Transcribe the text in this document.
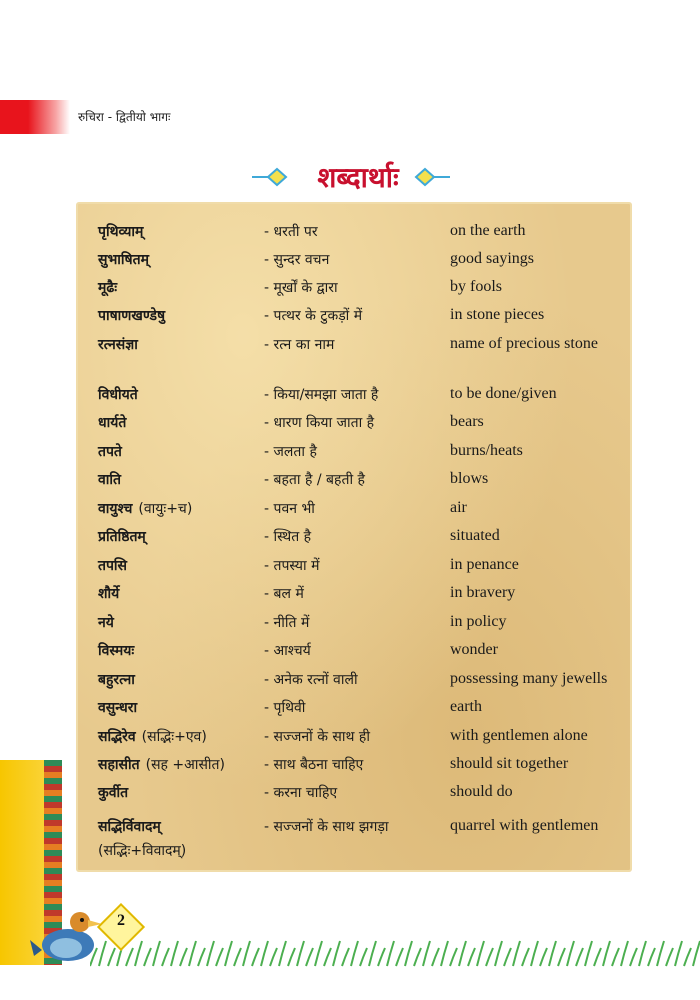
रुचिरा - द्वितीयो भागः
शब्दार्थाः
पृथिव्याम्	- धरती पर	on the earth
सुभाषितम्	- सुन्दर वचन	good sayings
मूढैः	- मूर्खों के द्वारा	by fools
पाषाणखण्डेषु	- पत्थर के टुकड़ों में	in stone pieces
रत्नसंज्ञा	- रत्न का नाम	name of precious stone
विधीयते	- किया/समझा जाता है	to be done/given
धार्यते	- धारण किया जाता है	bears
तपते	- जलता है	burns/heats
वाति	- बहता है / बहती है	blows
वायुश्च (वायुः+च)	- पवन भी	air
प्रतिष्ठितम्	- स्थित है	situated
तपसि	- तपस्या में	in penance
शौर्ये	- बल में	in bravery
नये	- नीति में	in policy
विस्मयः	- आश्चर्य	wonder
बहुरत्ना	- अनेक रत्नों वाली	possessing many jewells
वसुन्धरा	- पृथिवी	earth
सद्भिरेव (सद्भिः+एव)	- सज्जनों के साथ ही	with gentlemen alone
सहासीत (सह +आसीत)	- साथ बैठना चाहिए	should sit together
कुर्वीत	- करना चाहिए	should do
सद्भिर्विवादम्
(सद्भिः+विवादम्)
- सज्जनों के साथ झगड़ा	quarrel with gentlemen
2
